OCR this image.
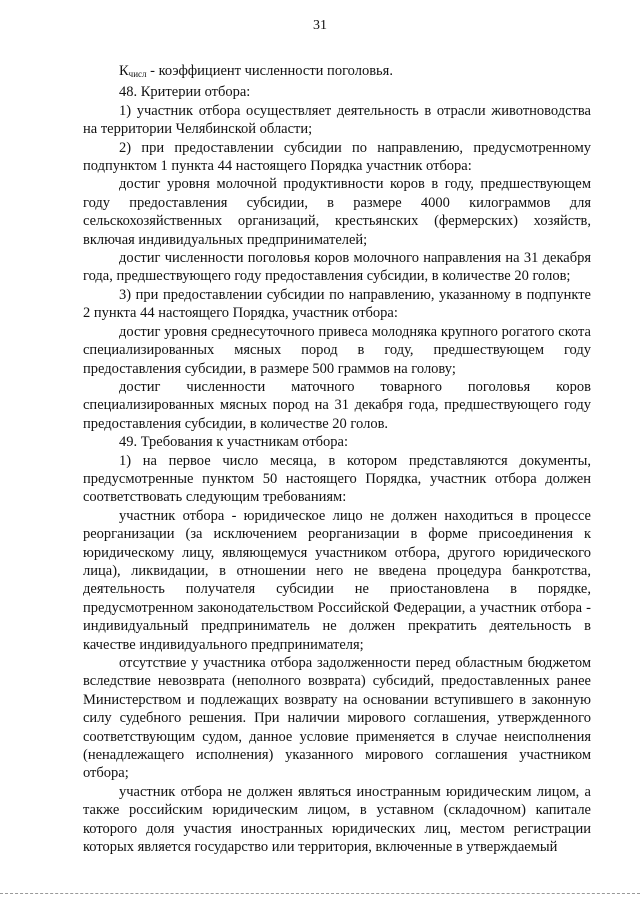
31
$К_{числ}$ - коэффициент численности поголовья.
48. Критерии отбора:
1) участник отбора осуществляет деятельность в отрасли животноводства на территории Челябинской области;
2) при предоставлении субсидии по направлению, предусмотренному подпунктом 1 пункта 44 настоящего Порядка участник отбора:
достиг уровня молочной продуктивности коров в году, предшествующем году предоставления субсидии, в размере 4000 килограммов для сельскохозяйственных организаций, крестьянских (фермерских) хозяйств, включая индивидуальных предпринимателей;
достиг численности поголовья коров молочного направления на 31 декабря года, предшествующего году предоставления субсидии, в количестве 20 голов;
3) при предоставлении субсидии по направлению, указанному в подпункте 2 пункта 44 настоящего Порядка, участник отбора:
достиг уровня среднесуточного привеса молодняка крупного рогатого скота специализированных мясных пород в году, предшествующем году предоставления субсидии, в размере 500 граммов на голову;
достиг численности маточного товарного поголовья коров специализированных мясных пород на 31 декабря года, предшествующего году предоставления субсидии, в количестве 20 голов.
49. Требования к участникам отбора:
1) на первое число месяца, в котором представляются документы, предусмотренные пунктом 50 настоящего Порядка, участник отбора должен соответствовать следующим требованиям:
участник отбора - юридическое лицо не должен находиться в процессе реорганизации (за исключением реорганизации в форме присоединения к юридическому лицу, являющемуся участником отбора, другого юридического лица), ликвидации, в отношении него не введена процедура банкротства, деятельность получателя субсидии не приостановлена в порядке, предусмотренном законодательством Российской Федерации, а участник отбора - индивидуальный предприниматель не должен прекратить деятельность в качестве индивидуального предпринимателя;
отсутствие у участника отбора задолженности перед областным бюджетом вследствие невозврата (неполного возврата) субсидий, предоставленных ранее Министерством и подлежащих возврату на основании вступившего в законную силу судебного решения. При наличии мирового соглашения, утвержденного соответствующим судом, данное условие применяется в случае неисполнения (ненадлежащего исполнения) указанного мирового соглашения участником отбора;
участник отбора не должен являться иностранным юридическим лицом, а также российским юридическим лицом, в уставном (складочном) капитале которого доля участия иностранных юридических лиц, местом регистрации которых является государство или территория, включенные в утверждаемый
